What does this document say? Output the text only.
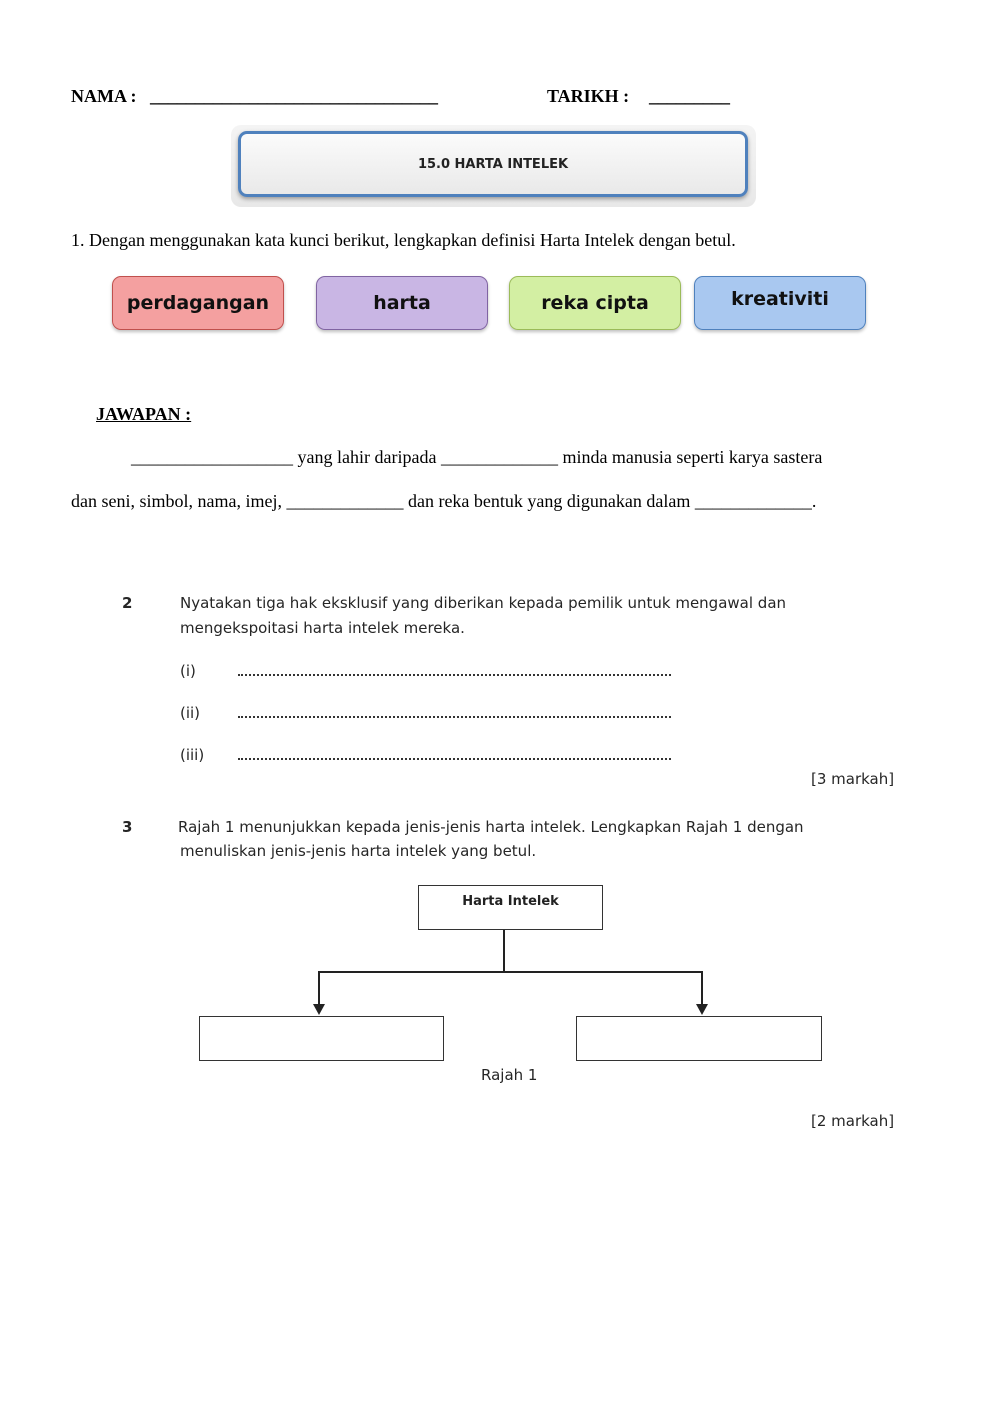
NAMA : ________________________________	TARIKH : _________
15.0 HARTA INTELEK
1. Dengan menggunakan kata kunci berikut, lengkapkan definisi Harta Intelek dengan betul.
perdagangan	harta	reka cipta	kreativiti
JAWAPAN :
__________________ yang lahir daripada _____________ minda manusia seperti karya sastera
dan seni, simbol, nama, imej, _____________ dan reka bentuk yang digunakan dalam _____________.
2	Nyatakan tiga hak eksklusif yang diberikan kepada pemilik untuk mengawal dan
mengekspoitasi harta intelek mereka.
(i)
(ii)
(iii)
[3 markah]
3	Rajah 1 menunjukkan kepada jenis-jenis harta intelek. Lengkapkan Rajah 1 dengan
menuliskan jenis-jenis harta intelek yang betul.
Harta Intelek
Rajah 1
[2 markah]
